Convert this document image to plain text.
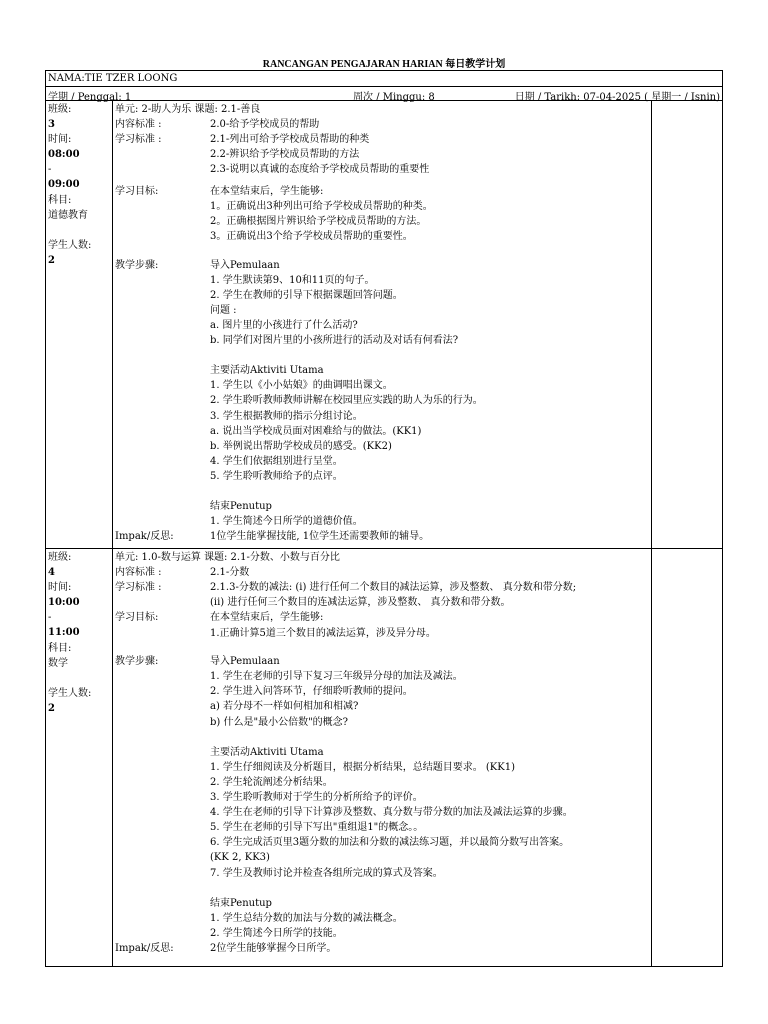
RANCANGAN PENGAJARAN HARIAN 每日教学计划
NAMA:TIE TZER LOONG
学期 / Penggal: 1	周次 / Minggu: 8	日期 / Tarikh: 07-04-2025 ( 星期一 / Isnin)
班级:
3
时间:
08:00
-
09:00
科目:
道德教育

学生人数:
2
单元: 2-助人为乐 课题: 2.1-善良
内容标准 :	2.0-给予学校成员的帮助
学习标准 :	2.1-列出可给予学校成员帮助的种类
2.2-辨识给予学校成员帮助的方法
2.3-说明以真诚的态度给予学校成员帮助的重要性
学习目标:	在本堂结束后，学生能够:
1。正确说出3种列出可给予学校成员帮助的种类。
2。正确根据图片辨识给予学校成员帮助的方法。
3。正确说出3个给予学校成员帮助的重要性。
教学步骤:	导入Pemulaan
1. 学生默读第9、10和11页的句子。
2. 学生在教师的引导下根据课题回答问题。
问题 :
a. 图片里的小孩进行了什么活动?
b. 同学们对图片里的小孩所进行的活动及对话有何看法?
主要活动Aktiviti Utama
1. 学生以《小小姑娘》的曲调唱出课文。
2. 学生聆听教师教师讲解在校园里应实践的助人为乐的行为。
3. 学生根据教师的指示分组讨论。
a. 说出当学校成员面对困难给与的做法。(KK1)
b. 举例说出帮助学校成员的感受。(KK2)
4. 学生们依据组别进行呈堂。
5. 学生聆听教师给予的点评。
结束Penutup
1. 学生简述今日所学的道德价值。
Impak/反思:	1位学生能掌握技能, 1位学生还需要教师的辅导。
班级:
4
时间:
10:00
-
11:00
科目:
数学

学生人数:
2
单元: 1.0-数与运算 课题: 2.1-分数、小数与百分比
内容标准 :	2.1-分数
学习标准 :	2.1.3-分数的减法: (i) 进行任何二个数目的减法运算，涉及整数、 真分数和带分数;
(ii) 进行任何三个数目的连减法运算，涉及整数、 真分数和带分数。
学习目标:	在本堂结束后，学生能够:
1.正确计算5道三个数目的减法运算，涉及异分母。
教学步骤:	导入Pemulaan
1. 学生在老师的引导下复习三年级异分母的加法及减法。
2. 学生进入问答环节，仔细聆听教师的提问。
a) 若分母不一样如何相加和相减?
b) 什么是"最小公倍数"的概念?
主要活动Aktiviti Utama
1. 学生仔细阅读及分析题目，根据分析结果，总结题目要求。 (KK1)
2. 学生轮流阐述分析结果。
3. 学生聆听教师对于学生的分析所给予的评价。
4. 学生在老师的引导下计算涉及整数、真分数与带分数的加法及减法运算的步骤。
5. 学生在老师的引导下写出"重组退1"的概念。。
6. 学生完成活页里3题分数的加法和分数的减法练习题，并以最简分数写出答案。
(KK 2, KK3)
7. 学生及教师讨论并检查各组所完成的算式及答案。
结束Penutup
1. 学生总结分数的加法与分数的减法概念。
2. 学生简述今日所学的技能。
Impak/反思:	2位学生能够掌握今日所学。
